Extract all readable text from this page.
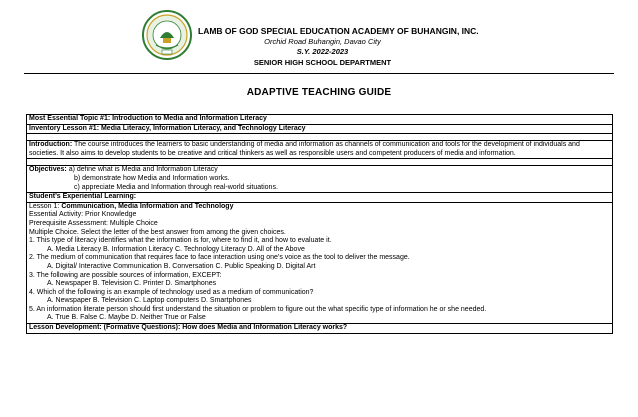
LAMB OF GOD SPECIAL EDUCATION ACADEMY OF BUHANGIN, INC.
Orchid Road Buhangin, Davao City
S.Y. 2022-2023
SENIOR HIGH SCHOOL DEPARTMENT
ADAPTIVE TEACHING GUIDE
Most Essential Topic #1: Introduction to Media and Information Literacy
Inventory Lesson #1: Media Literacy, Information Literacy, and Technology Literacy

Introduction: The course introduces the learners to basic understanding of media and information as channels of communication and tools for the development of individuals and societies. It also aims to develop students to be creative and critical thinkers as well as responsible users and competent producers of media and information.

Objectives: a) define what is Media and Information Literacy
b) demonstrate how Media and Information works.
c) appreciate Media and Information through real-world situations.

Student’s Experiential Learning:

Lesson 1: Communication, Media Information and Technology
Essential Activity: Prior Knowledge
Prerequisite Assessment: Multiple Choice
Multiple Choice. Select the letter of the best answer from among the given choices.
1. This type of literacy identifies what the information is for, where to find it, and how to evaluate it.
A. Media Literacy B. Information Literacy C. Technology Literacy D. All of the Above
2. The medium of communication that requires face to face interaction using one’s voice as the tool to deliver the message.
A. Digital/ Interactive Communication B. Conversation C. Public Speaking D. Digital Art
3. The following are possible sources of information, EXCEPT:
A. Newspaper B. Television C. Printer D. Smartphones
4. Which of the following is an example of technology used as a medium of communication?
A. Newspaper B. Television C. Laptop computers D. Smartphones
5. An information literate person should first understand the situation or problem to figure out the what specific type of information he or she needed.
A. True B. False C. Maybe D. Neither True or False

Lesson Development: (Formative Questions): How does Media and Information Literacy works?
